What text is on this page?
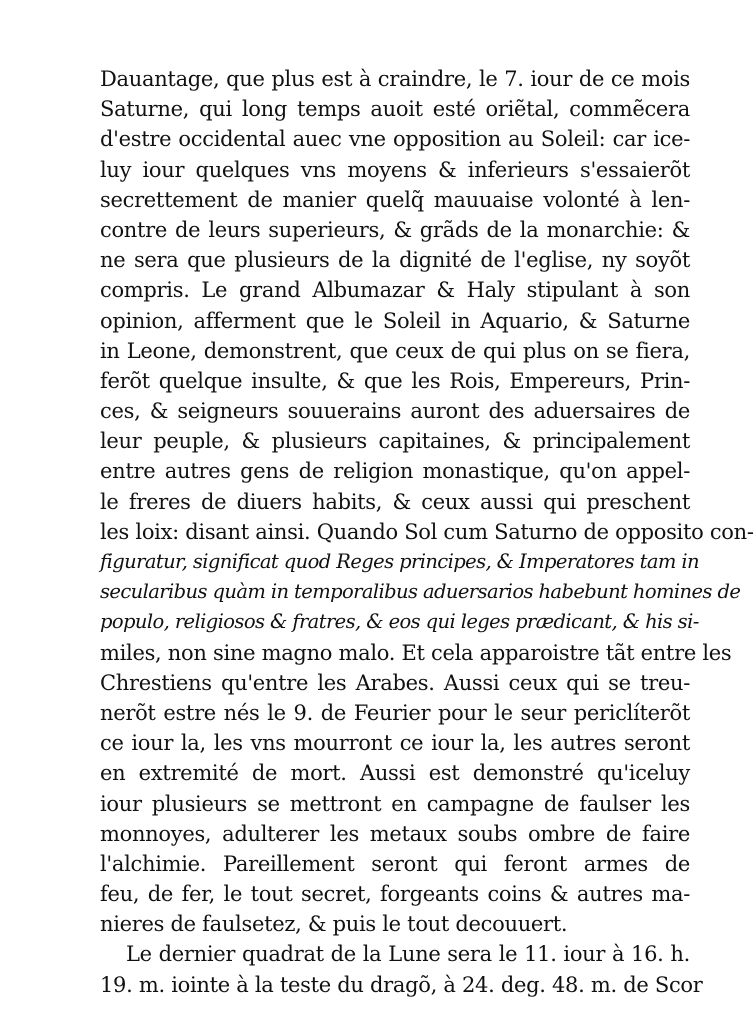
Dauantage, que plus est à craindre, le 7. iour de ce mois
Saturne, qui long temps auoit esté oriẽtal, commẽcera
d'estre occidental auec vne opposition au Soleil: car ice-
luy iour quelques vns moyens & inferieurs s'essaierõt
secrettement de manier quelq̃ mauuaise volonté à len-
contre de leurs superieurs, & grãds de la monarchie: &
ne sera que plusieurs de la dignité de l'eglise, ny soyõt
compris. Le grand Albumazar & Haly stipulant à son
opinion, afferment que le Soleil in Aquario, & Saturne
in Leone, demonstrent, que ceux de qui plus on se fiera,
ferõt quelque insulte, & que les Rois, Empereurs, Prin-
ces, & seigneurs souuerains auront des aduersaires de
leur peuple, & plusieurs capitaines, & principalement
entre autres gens de religion monastique, qu'on appel-
le freres de diuers habits, & ceux aussi qui preschent
les loix: disant ainsi. Quando Sol cum Saturno de opposito con-
figuratur, significat quod Reges principes, & Imperatores tam in
secularibus quàm in temporalibus aduersarios habebunt homines de
populo, religiosos & fratres, & eos qui leges prædicant, & his si-
miles, non sine magno malo. Et cela apparoistre tãt entre les
Chrestiens qu'entre les Arabes. Aussi ceux qui se treu-
nerõt estre nés le 9. de Feurier pour le seur periclíterõt
ce iour la, les vns mourront ce iour la, les autres seront
en extremité de mort. Aussi est demonstré qu'iceluy
iour plusieurs se mettront en campagne de faulser les
monnoyes, adulterer les metaux soubs ombre de faire
l'alchimie. Pareillement seront qui feront armes de
feu, de fer, le tout secret, forgeants coins & autres ma-
nieres de faulsetez, & puis le tout decouuert.
Le dernier quadrat de la Lune sera le 11. iour à 16. h.
19. m. iointe à la teste du dragõ, à 24. deg. 48. m. de Scor
